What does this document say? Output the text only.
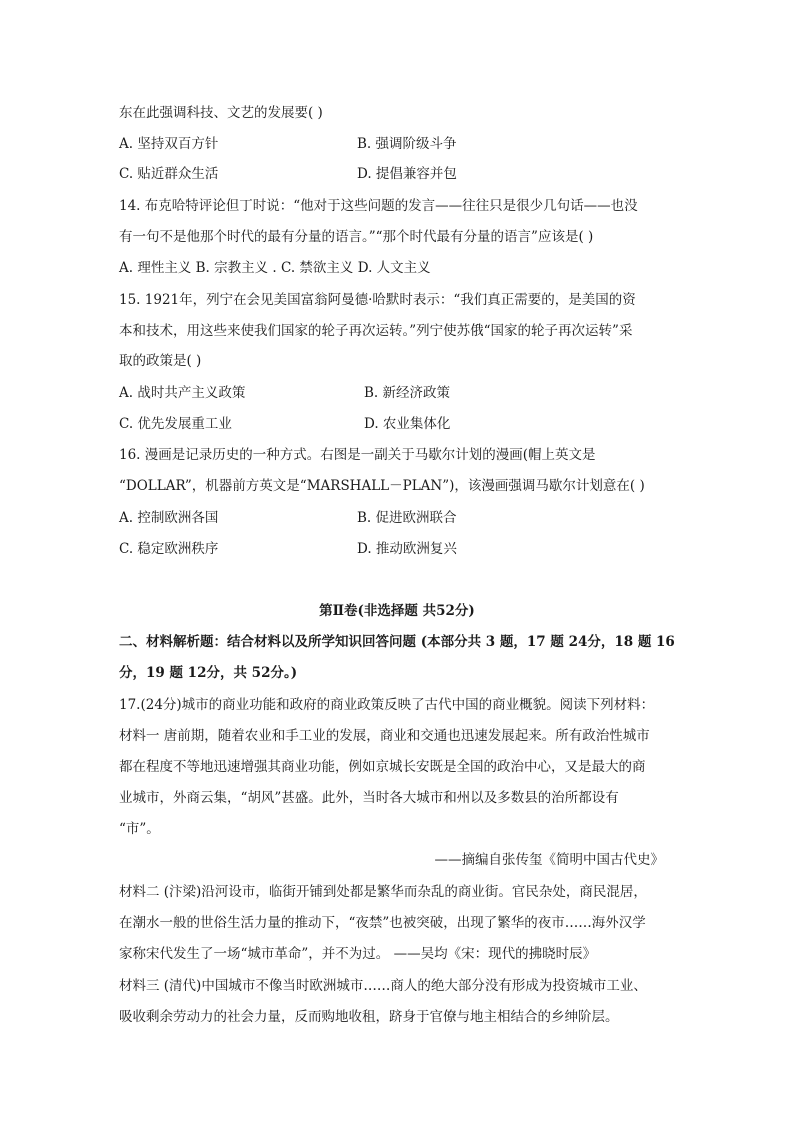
东在此强调科技、文艺的发展要( )
A. 坚持双百方针	B. 强调阶级斗争
C. 贴近群众生活	D. 提倡兼容并包
14. 布克哈特评论但丁时说：“他对于这些问题的发言——往往只是很少几句话——也没
有一句不是他那个时代的最有分量的语言。”“那个时代最有分量的语言”应该是( )
A. 理性主义 B. 宗教主义 . C. 禁欲主义 D. 人文主义
15. 1921年，列宁在会见美国富翁阿曼德·哈默时表示：“我们真正需要的，是美国的资
本和技术，用这些来使我们国家的轮子再次运转。”列宁使苏俄“国家的轮子再次运转”采
取的政策是( )
A. 战时共产主义政策	B. 新经济政策
C. 优先发展重工业	D. 农业集体化
16. 漫画是记录历史的一种方式。右图是一副关于马歇尔计划的漫画(帽上英文是
“DOLLAR”，机器前方英文是“MARSHALL－PLAN”)，该漫画强调马歇尔计划意在( )
A. 控制欧洲各国	B. 促进欧洲联合
C. 稳定欧洲秩序	D. 推动欧洲复兴
第Ⅱ卷(非选择题 共52分)
二、材料解析题：结合材料以及所学知识回答问题 (本部分共 3 题，17 题 24分，18 题 16
分，19 题 12分，共 52分。)
17.(24分)城市的商业功能和政府的商业政策反映了古代中国的商业概貌。阅读下列材料：
材料一 唐前期，随着农业和手工业的发展，商业和交通也迅速发展起来。所有政治性城市
都在程度不等地迅速增强其商业功能，例如京城长安既是全国的政治中心，又是最大的商
业城市，外商云集，“胡风”甚盛。此外，当时各大城市和州以及多数县的治所都设有
“市”。
——摘编自张传玺《简明中国古代史》
材料二 (汴梁)沿河设市，临街开铺到处都是繁华而杂乱的商业街。官民杂处，商民混居，
在潮水一般的世俗生活力量的推动下，“夜禁”也被突破，出现了繁华的夜市……海外汉学
家称宋代发生了一场“城市革命”，并不为过。 ——吴均《宋：现代的拂晓时辰》
材料三 (清代)中国城市不像当时欧洲城市……商人的绝大部分没有形成为投资城市工业、
吸收剩余劳动力的社会力量，反而购地收租，跻身于官僚与地主相结合的乡绅阶层。
